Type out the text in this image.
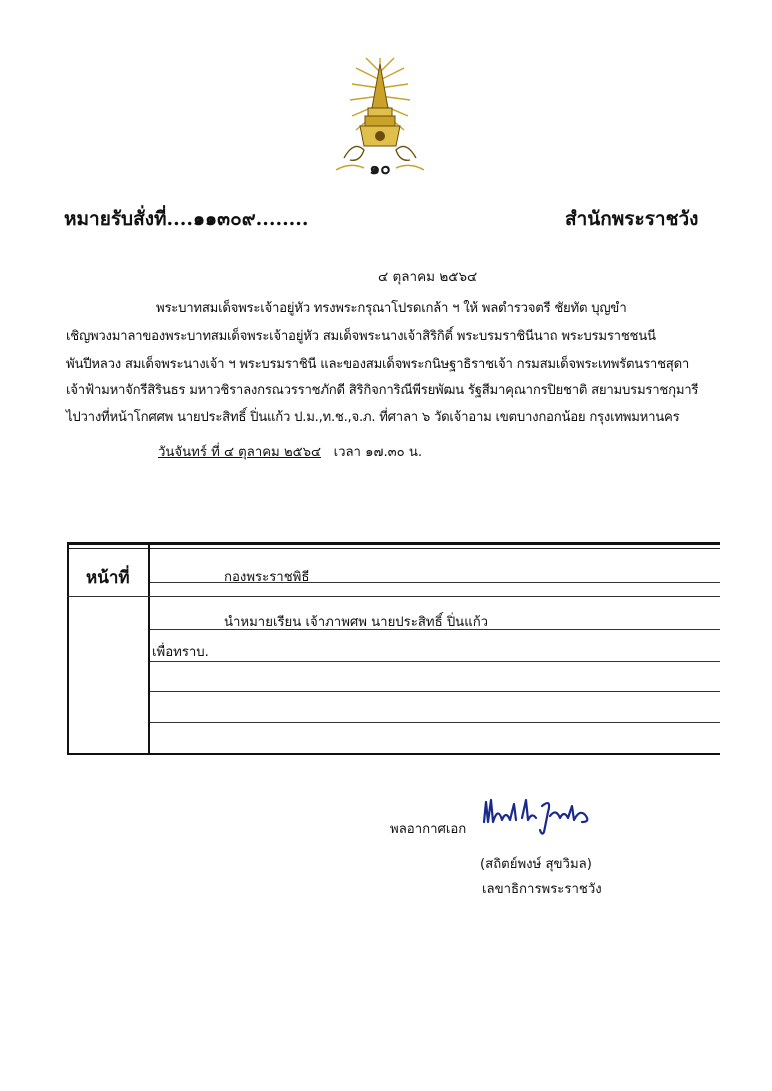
๑๐
หมายรับสั่งที่....๑๑๓๐๙........	สำนักพระราชวัง
๔ ตุลาคม ๒๕๖๔
พระบาทสมเด็จพระเจ้าอยู่หัว ทรงพระกรุณาโปรดเกล้า ฯ ให้ พลตำรวจตรี ชัยทัต บุญขำ
เชิญพวงมาลาของพระบาทสมเด็จพระเจ้าอยู่หัว สมเด็จพระนางเจ้าสิริกิติ์ พระบรมราชินีนาถ พระบรมราชชนนี
พันปีหลวง สมเด็จพระนางเจ้า ฯ พระบรมราชินี และของสมเด็จพระกนิษฐาธิราชเจ้า กรมสมเด็จพระเทพรัตนราชสุดา
เจ้าฟ้ามหาจักรีสิรินธร มหาวชิราลงกรณวรราชภักดี สิริกิจการิณีพีรยพัฒน รัฐสีมาคุณากรปิยชาติ สยามบรมราชกุมารี
ไปวางที่หน้าโกศศพ นายประสิทธิ์ ปิ่นแก้ว ป.ม.,ท.ช.,จ.ภ. ที่ศาลา ๖ วัดเจ้าอาม เขตบางกอกน้อย กรุงเทพมหานคร
วันจันทร์ ที่ ๔ ตุลาคม ๒๕๖๔ เวลา ๑๗.๓๐ น.
หน้าที่	กองพระราชพิธี
นำหมายเรียน เจ้าภาพศพ นายประสิทธิ์ ปิ่นแก้ว
เพื่อทราบ.
พลอากาศเอก
(สถิตย์พงษ์ สุขวิมล)
เลขาธิการพระราชวัง
